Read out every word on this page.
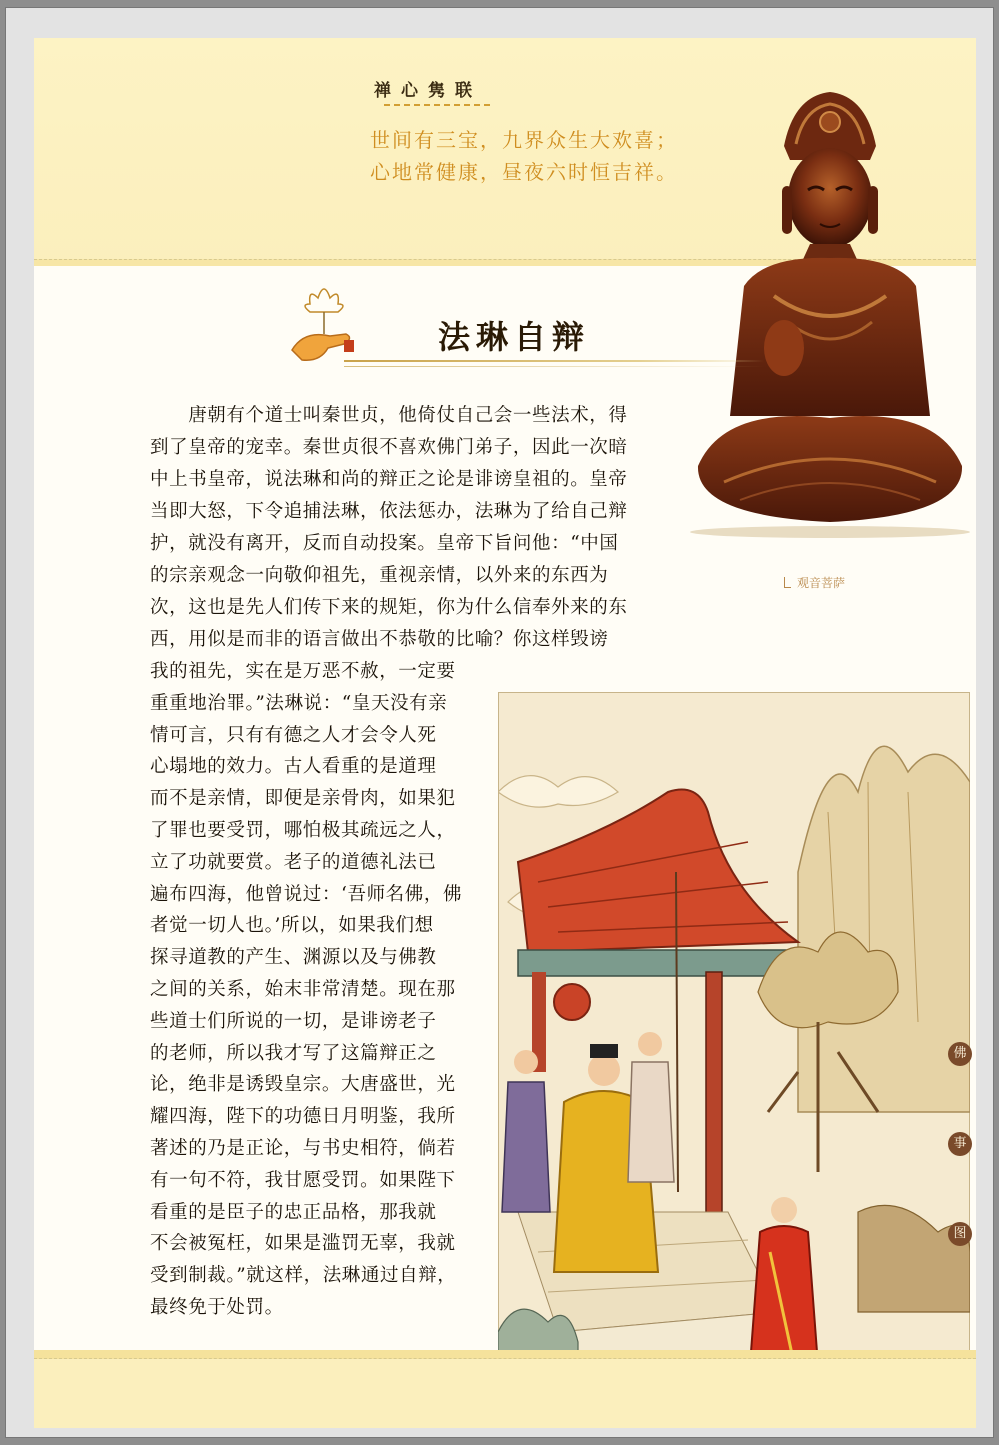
禅心隽联
世间有三宝，九界众生大欢喜；
心地常健康，昼夜六时恒吉祥。
观音菩萨
法琳自辩

　　唐朝有个道士叫秦世贞，他倚仗自己会一些法术，得

到了皇帝的宠幸。秦世贞很不喜欢佛门弟子，因此一次暗

中上书皇帝，说法琳和尚的辩正之论是诽谤皇祖的。皇帝

当即大怒，下令追捕法琳，依法惩办，法琳为了给自己辩

护，就没有离开，反而自动投案。皇帝下旨问他：“中国

的宗亲观念一向敬仰祖先，重视亲情，以外来的东西为

次，这也是先人们传下来的规矩，你为什么信奉外来的东

西，用似是而非的语言做出不恭敬的比喻？你这样毁谤

我的祖先，实在是万恶不赦，一定要
重重地治罪。”法琳说：“皇天没有亲
情可言，只有有德之人才会令人死
心塌地的效力。古人看重的是道理
而不是亲情，即便是亲骨肉，如果犯
了罪也要受罚，哪怕极其疏远之人，
立了功就要赏。老子的道德礼法已
遍布四海，他曾说过：‘吾师名佛，佛
者觉一切人也。’所以，如果我们想
探寻道教的产生、渊源以及与佛教
之间的关系，始末非常清楚。现在那
些道士们所说的一切，是诽谤老子
的老师，所以我才写了这篇辩正之
论，绝非是诱毁皇宗。大唐盛世，光
耀四海，陛下的功德日月明鉴，我所
著述的乃是正论，与书史相符，倘若
有一句不符，我甘愿受罚。如果陛下
看重的是臣子的忠正品格，那我就
不会被冤枉，如果是滥罚无辜，我就
受到制裁。”就这样，法琳通过自辩，
最终免于处罚。
佛
事
图
